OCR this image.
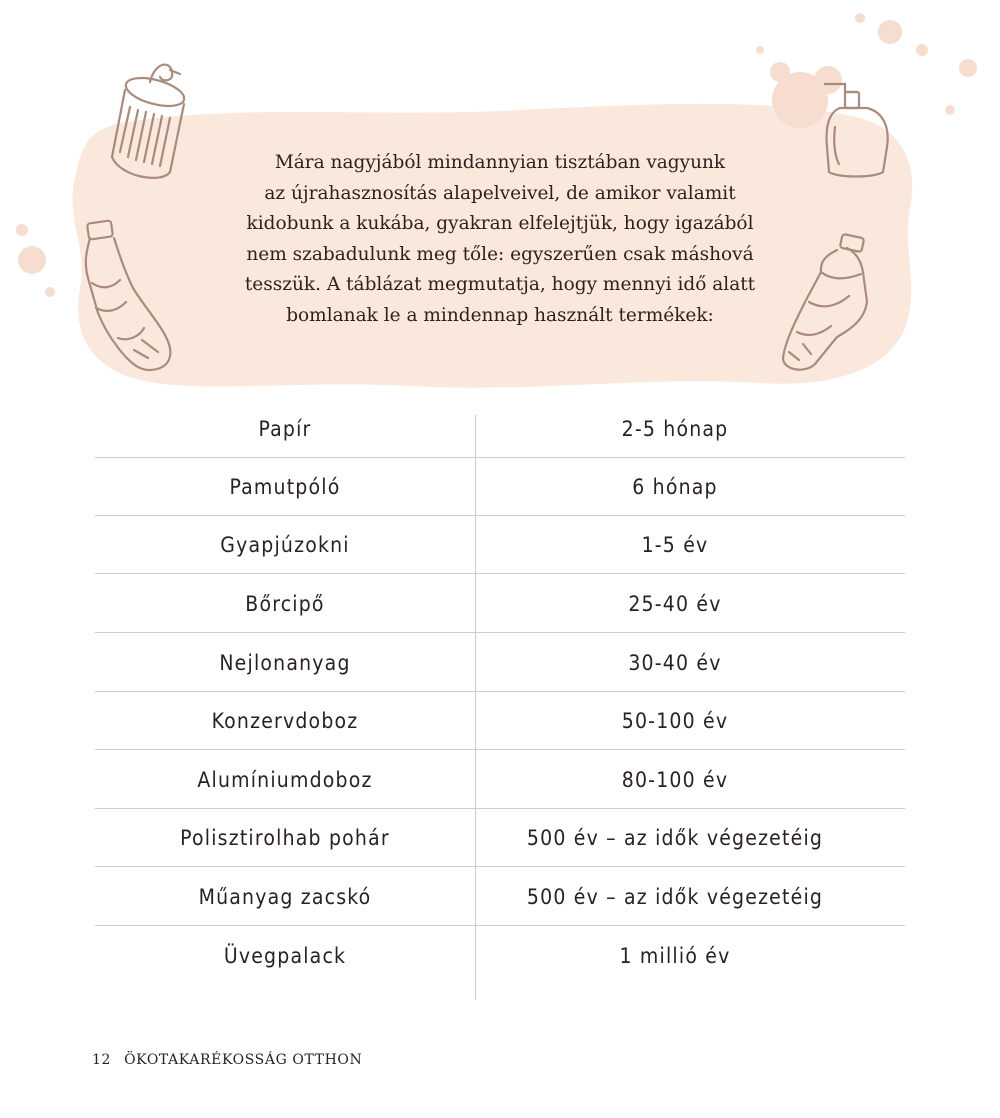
Mára nagyjából mindannyian tisztában vagyunk

az újrahasznosítás alapelveivel, de amikor valamit

kidobunk a kukába, gyakran elfelejtjük, hogy igazából

nem szabadulunk meg tőle: egyszerűen csak máshová

tesszük. A táblázat megmutatja, hogy mennyi idő alatt

bomlanak le a mindennap használt termékek:

Papír	2-5 hónap
Pamutpóló	6 hónap
Gyapjúzokni	1-5 év
Bőrcipő	25-40 év
Nejlonanyag	30-40 év
Konzervdoboz	50-100 év
Alumíniumdoboz	80-100 év
Polisztirolhab pohár	500 év – az idők végezetéig
Műanyag zacskó	500 év – az idők végezetéig
Üvegpalack	1 millió év
12 ÖKOTAKARÉKOSSÁG OTTHON
